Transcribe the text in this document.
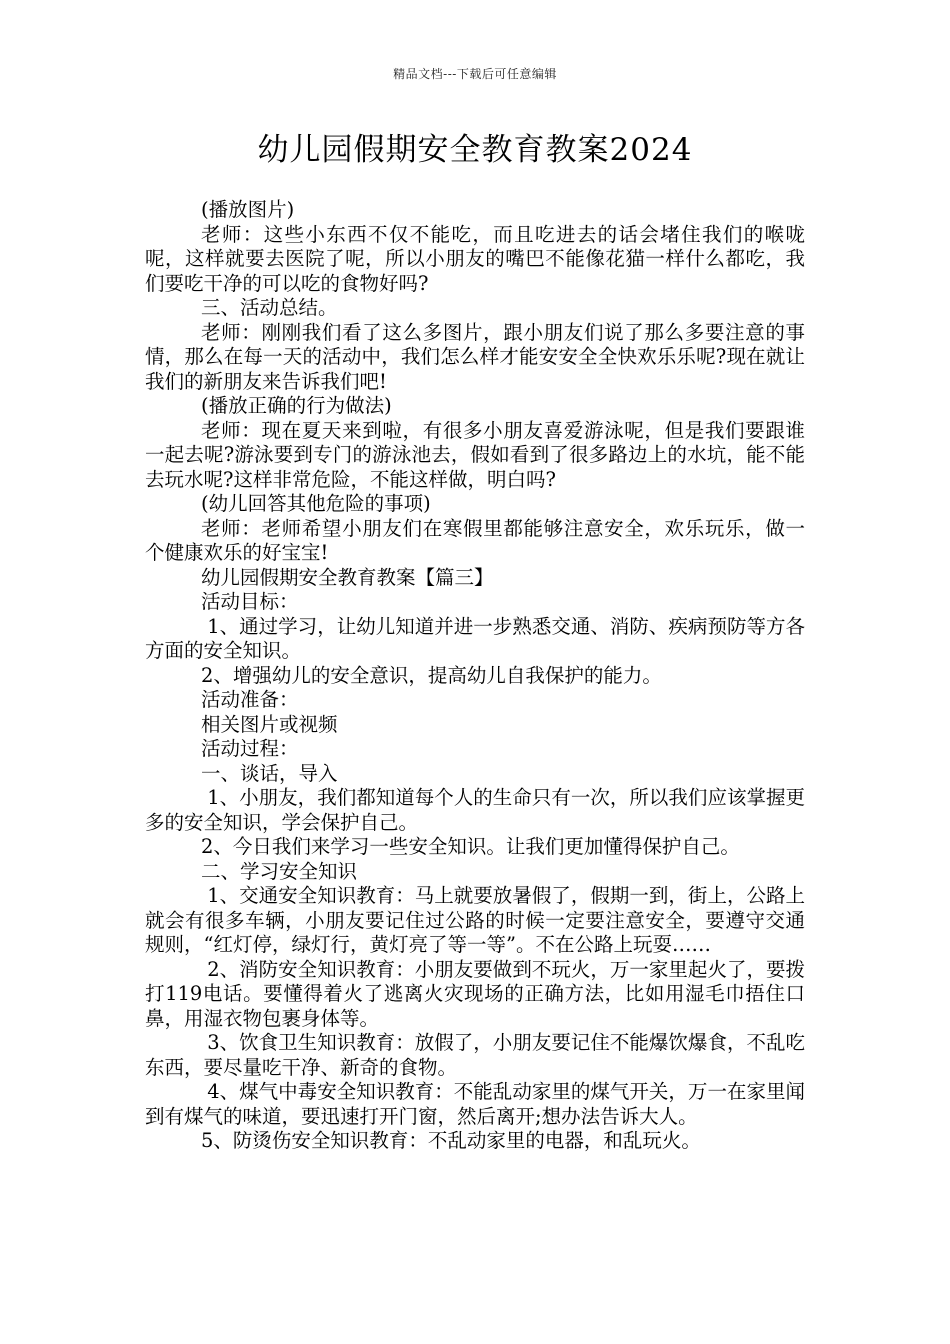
精品文档---下载后可任意编辑
幼儿园假期安全教育教案2024

(播放图片)

老师：这些小东西不仅不能吃，而且吃进去的话会堵住我们的喉咙呢，这样就要去医院了呢，所以小朋友的嘴巴不能像花猫一样什么都吃，我们要吃干净的可以吃的食物好吗?

三、活动总结。

老师：刚刚我们看了这么多图片，跟小朋友们说了那么多要注意的事情，那么在每一天的活动中，我们怎么样才能安安全全快欢乐乐呢?现在就让我们的新朋友来告诉我们吧!

(播放正确的行为做法)

老师：现在夏天来到啦，有很多小朋友喜爱游泳呢，但是我们要跟谁一起去呢?游泳要到专门的游泳池去，假如看到了很多路边上的水坑，能不能去玩水呢?这样非常危险，不能这样做，明白吗?

(幼儿回答其他危险的事项)

老师：老师希望小朋友们在寒假里都能够注意安全，欢乐玩乐，做一个健康欢乐的好宝宝!

幼儿园假期安全教育教案【篇三】

活动目标：

1、通过学习，让幼儿知道并进一步熟悉交通、消防、疾病预防等方各方面的安全知识。

2、增强幼儿的安全意识，提高幼儿自我保护的能力。

活动准备：

相关图片或视频

活动过程：

一、谈话，导入

1、小朋友，我们都知道每个人的生命只有一次，所以我们应该掌握更多的安全知识，学会保护自己。

2、今日我们来学习一些安全知识。让我们更加懂得保护自己。

二、学习安全知识

1、交通安全知识教育：马上就要放暑假了，假期一到，街上，公路上就会有很多车辆，小朋友要记住过公路的时候一定要注意安全，要遵守交通规则，“红灯停，绿灯行，黄灯亮了等一等”。不在公路上玩耍……

2、消防安全知识教育：小朋友要做到不玩火，万一家里起火了，要拨打119电话。要懂得着火了逃离火灾现场的正确方法，比如用湿毛巾捂住口鼻，用湿衣物包裹身体等。

3、饮食卫生知识教育：放假了，小朋友要记住不能爆饮爆食，不乱吃东西，要尽量吃干净、新奇的食物。

4、煤气中毒安全知识教育：不能乱动家里的煤气开关，万一在家里闻到有煤气的味道，要迅速打开门窗，然后离开;想办法告诉大人。

5、防烫伤安全知识教育：不乱动家里的电器，和乱玩火。
